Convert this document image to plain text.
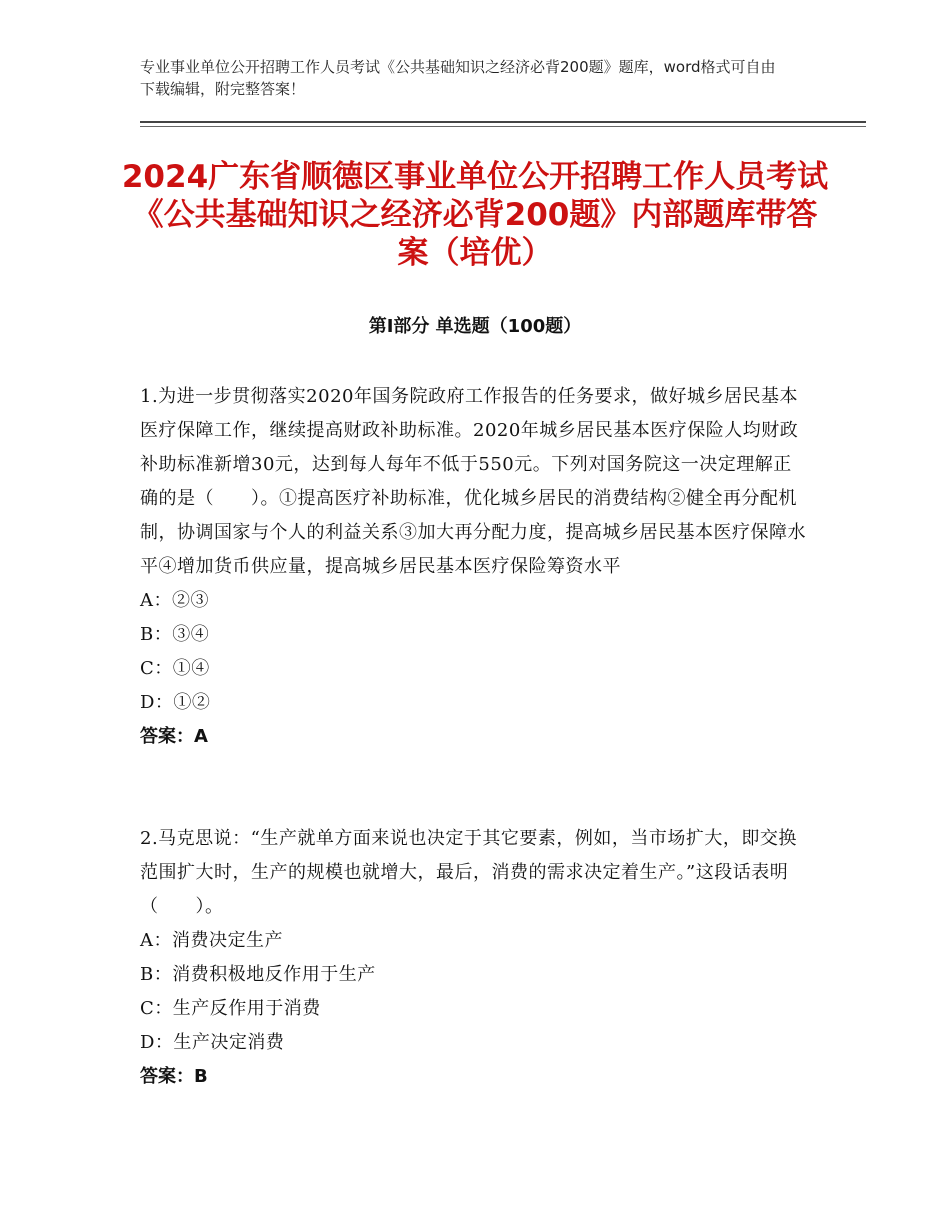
专业事业单位公开招聘工作人员考试《公共基础知识之经济必背200题》题库，word格式可自由下载编辑，附完整答案！
2024广东省顺德区事业单位公开招聘工作人员考试《公共基础知识之经济必背200题》内部题库带答案（培优）
第Ⅰ部分 单选题（100题）

1.为进一步贯彻落实2020年国务院政府工作报告的任务要求，做好城乡居民基本医疗保障工作，继续提高财政补助标准。2020年城乡居民基本医疗保险人均财政补助标准新增30元，达到每人每年不低于550元。下列对国务院这一决定理解正确的是（　　）。①提高医疗补助标准，优化城乡居民的消费结构②健全再分配机制，协调国家与个人的利益关系③加大再分配力度，提高城乡居民基本医疗保障水平④增加货币供应量，提高城乡居民基本医疗保险筹资水平

A：②③

B：③④

C：①④

D：①②

答案：A

2.马克思说：“生产就单方面来说也决定于其它要素，例如，当市场扩大，即交换范围扩大时，生产的规模也就增大，最后，消费的需求决定着生产。”这段话表明（　　）。

A：消费决定生产

B：消费积极地反作用于生产

C：生产反作用于消费

D：生产决定消费

答案：B
